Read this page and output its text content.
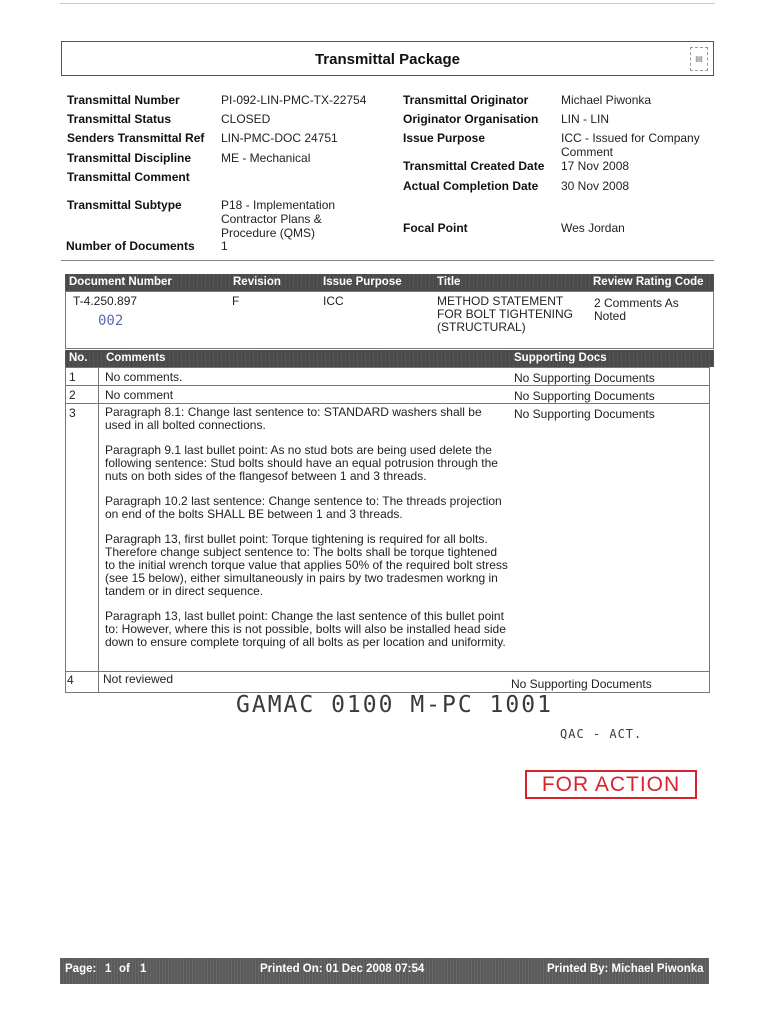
Transmittal Package	▤
Transmittal Number	PI-092-LIN-PMC-TX-22754
Transmittal Status	CLOSED
Senders Transmittal Ref LIN-PMC-DOC 24751
Transmittal Discipline ME - Mechanical
Transmittal Comment
Transmittal Subtype	P18 - Implementation Contractor Plans & Procedure (QMS)
Number of Documents 1
Transmittal Originator	Michael Piwonka
Originator Organisation LIN - LIN
Issue Purpose	ICC - Issued for Company Comment
Transmittal Created Date 17 Nov 2008
Actual Completion Date 30 Nov 2008
Focal Point	Wes Jordan
Document Number	Revision	Issue Purpose	Title	Review Rating Code
T-4.250.897	F	ICC	METHOD STATEMENT FOR BOLT TIGHTENING (STRUCTURAL)
2 Comments As Noted
002
No. Comments	Supporting Docs
1 No comments.	No Supporting Documents
2 No comment	No Supporting Documents
3 Paragraph 8.1: Change last sentence to: STANDARD washers shall be used in all bolted connections.

Paragraph 9.1 last bullet point: As no stud bots are being used delete the following sentence: Stud bolts should have an equal potrusion through the nuts on both sides of the flangesof between 1 and 3 threads.

Paragraph 10.2 last sentence: Change sentence to: The threads projection on end of the bolts SHALL BE between 1 and 3 threads.

Paragraph 13, first bullet point: Torque tightening is required for all bolts. Therefore change subject sentence to: The bolts shall be torque tightened to the initial wrench torque value that applies 50% of the required bolt stress (see 15 below), either simultaneously in pairs by two tradesmen workng in tandem or in direct sequence.

Paragraph 13, last bullet point: Change the last sentence of this bullet point to: However, where this is not possible, bolts will also be installed head side down to ensure complete torquing of all bolts as per location and uniformity.

No Supporting Documents
4 Not reviewed	No Supporting Documents
GAMAC 0100 M-PC 1001
QAC - ACT.
FOR ACTION
Page: 1 of 1	Printed On: 01 Dec 2008 07:54	Printed By: Michael Piwonka
